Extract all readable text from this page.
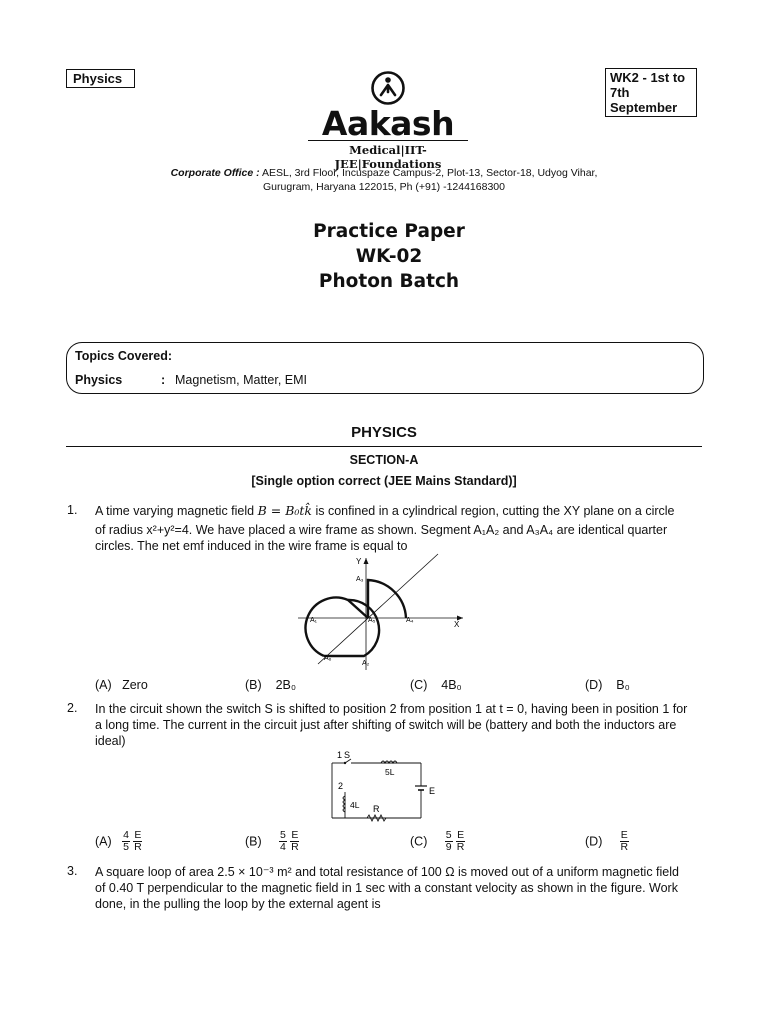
Physics	WK2 - 1st to
7th September
Aakash
Medical|IIT-JEE|Foundations
Corporate Office : AESL, 3rd Floor, Incuspaze Campus-2, Plot-13, Sector-18, Udyog Vihar,
Gurugram, Haryana 122015, Ph (+91) -1244168300
Practice Paper
WK-02
Photon Batch
Topics Covered:
Physics	: Magnetism, Matter, EMI
PHYSICS
SECTION-A
[Single option correct (JEE Mains Standard)]
1. A time varying magnetic field B = B₀tk̂ is confined in a cylindrical region, cutting the XY plane on a circle
of radius x²+y²=4. We have placed a wire frame as shown. Segment A₁A₂ and A₃A₄ are identical quarter
circles. The net emf induced in the wire frame is equal to
Y
X
A₃
A₄
A₅
A₁
A₆
A₂
(A) Zero	(B) 2B₀	(C) 4B₀	(D) B₀
2. In the circuit shown the switch S is shifted to position 2 from position 1 at t = 0, having been in position 1 for
a long time. The current in the circuit just after shifting of switch will be (battery and both the inductors are
ideal)
1 S
5L
2
4L
E
R
$(A) \frac{4}{5}$
$\frac{E}{R}$	$(B) \frac{5}{4}$
$\frac{E}{R}$	$(C) \frac{5}{9}$
$\frac{E}{R}$	$(D) \frac{E}{R}$
3. A square loop of area 2.5 × 10⁻³ m² and total resistance of 100 Ω is moved out of a uniform magnetic field
of 0.40 T perpendicular to the magnetic field in 1 sec with a constant velocity as shown in the figure. Work
done, in the pulling the loop by the external agent is
